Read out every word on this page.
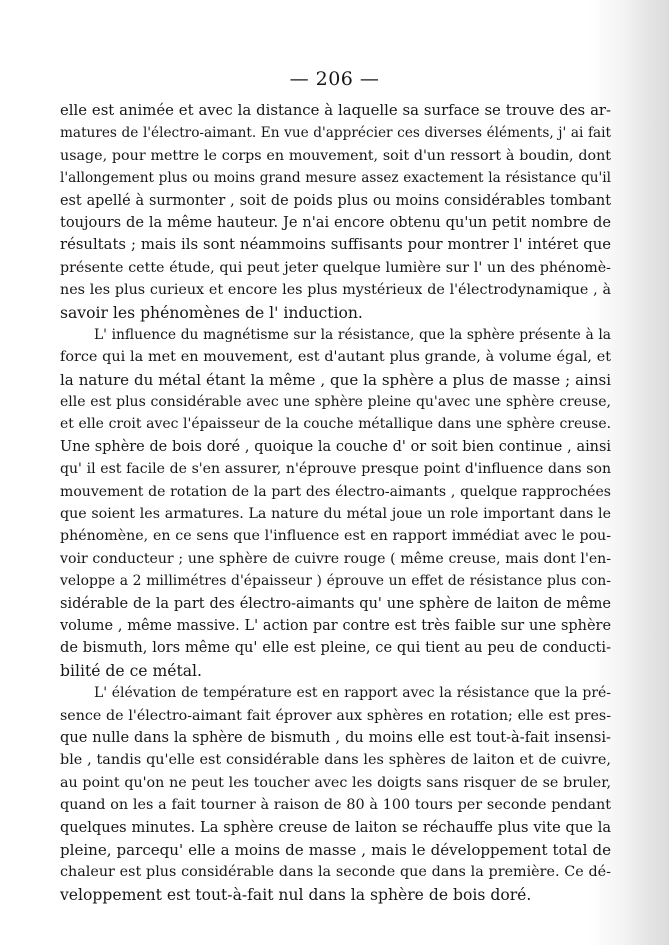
— 206 —
elle est animée et avec la distance à laquelle sa surface se trouve des ar-
matures de l'électro-aimant. En vue d'apprécier ces diverses éléments, j' ai fait
usage, pour mettre le corps en mouvement, soit d'un ressort à boudin, dont
l'allongement plus ou moins grand mesure assez exactement la résistance qu'il
est apellé à surmonter , soit de poids plus ou moins considérables tombant
toujours de la même hauteur. Je n'ai encore obtenu qu'un petit nombre de
résultats ; mais ils sont néammoins suffisants pour montrer l' intéret que
présente cette étude, qui peut jeter quelque lumière sur l' un des phénomè-
nes les plus curieux et encore les plus mystérieux de l'électrodynamique , à
savoir les phénomènes de l' induction.
L' influence du magnétisme sur la résistance, que la sphère présente à la
force qui la met en mouvement, est d'autant plus grande, à volume égal, et
la nature du métal étant la même , que la sphère a plus de masse ; ainsi
elle est plus considérable avec une sphère pleine qu'avec une sphère creuse,
et elle croit avec l'épaisseur de la couche métallique dans une sphère creuse.
Une sphère de bois doré , quoique la couche d' or soit bien continue , ainsi
qu' il est facile de s'en assurer, n'éprouve presque point d'influence dans son
mouvement de rotation de la part des électro-aimants , quelque rapprochées
que soient les armatures. La nature du métal joue un role important dans le
phénomène, en ce sens que l'influence est en rapport immédiat avec le pou-
voir conducteur ; une sphère de cuivre rouge ( même creuse, mais dont l'en-
veloppe a 2 millimétres d'épaisseur ) éprouve un effet de résistance plus con-
sidérable de la part des électro-aimants qu' une sphère de laiton de même
volume , même massive. L' action par contre est très faible sur une sphère
de bismuth, lors même qu' elle est pleine, ce qui tient au peu de conducti-
bilité de ce métal.
L' élévation de température est en rapport avec la résistance que la pré-
sence de l'électro-aimant fait éprover aux sphères en rotation; elle est pres-
que nulle dans la sphère de bismuth , du moins elle est tout-à-fait insensi-
ble , tandis qu'elle est considérable dans les sphères de laiton et de cuivre,
au point qu'on ne peut les toucher avec les doigts sans risquer de se bruler,
quand on les a fait tourner à raison de 80 à 100 tours per seconde pendant
quelques minutes. La sphère creuse de laiton se réchauffe plus vite que la
pleine, parcequ' elle a moins de masse , mais le développement total de
chaleur est plus considérable dans la seconde que dans la première. Ce dé-
veloppement est tout-à-fait nul dans la sphère de bois doré.
